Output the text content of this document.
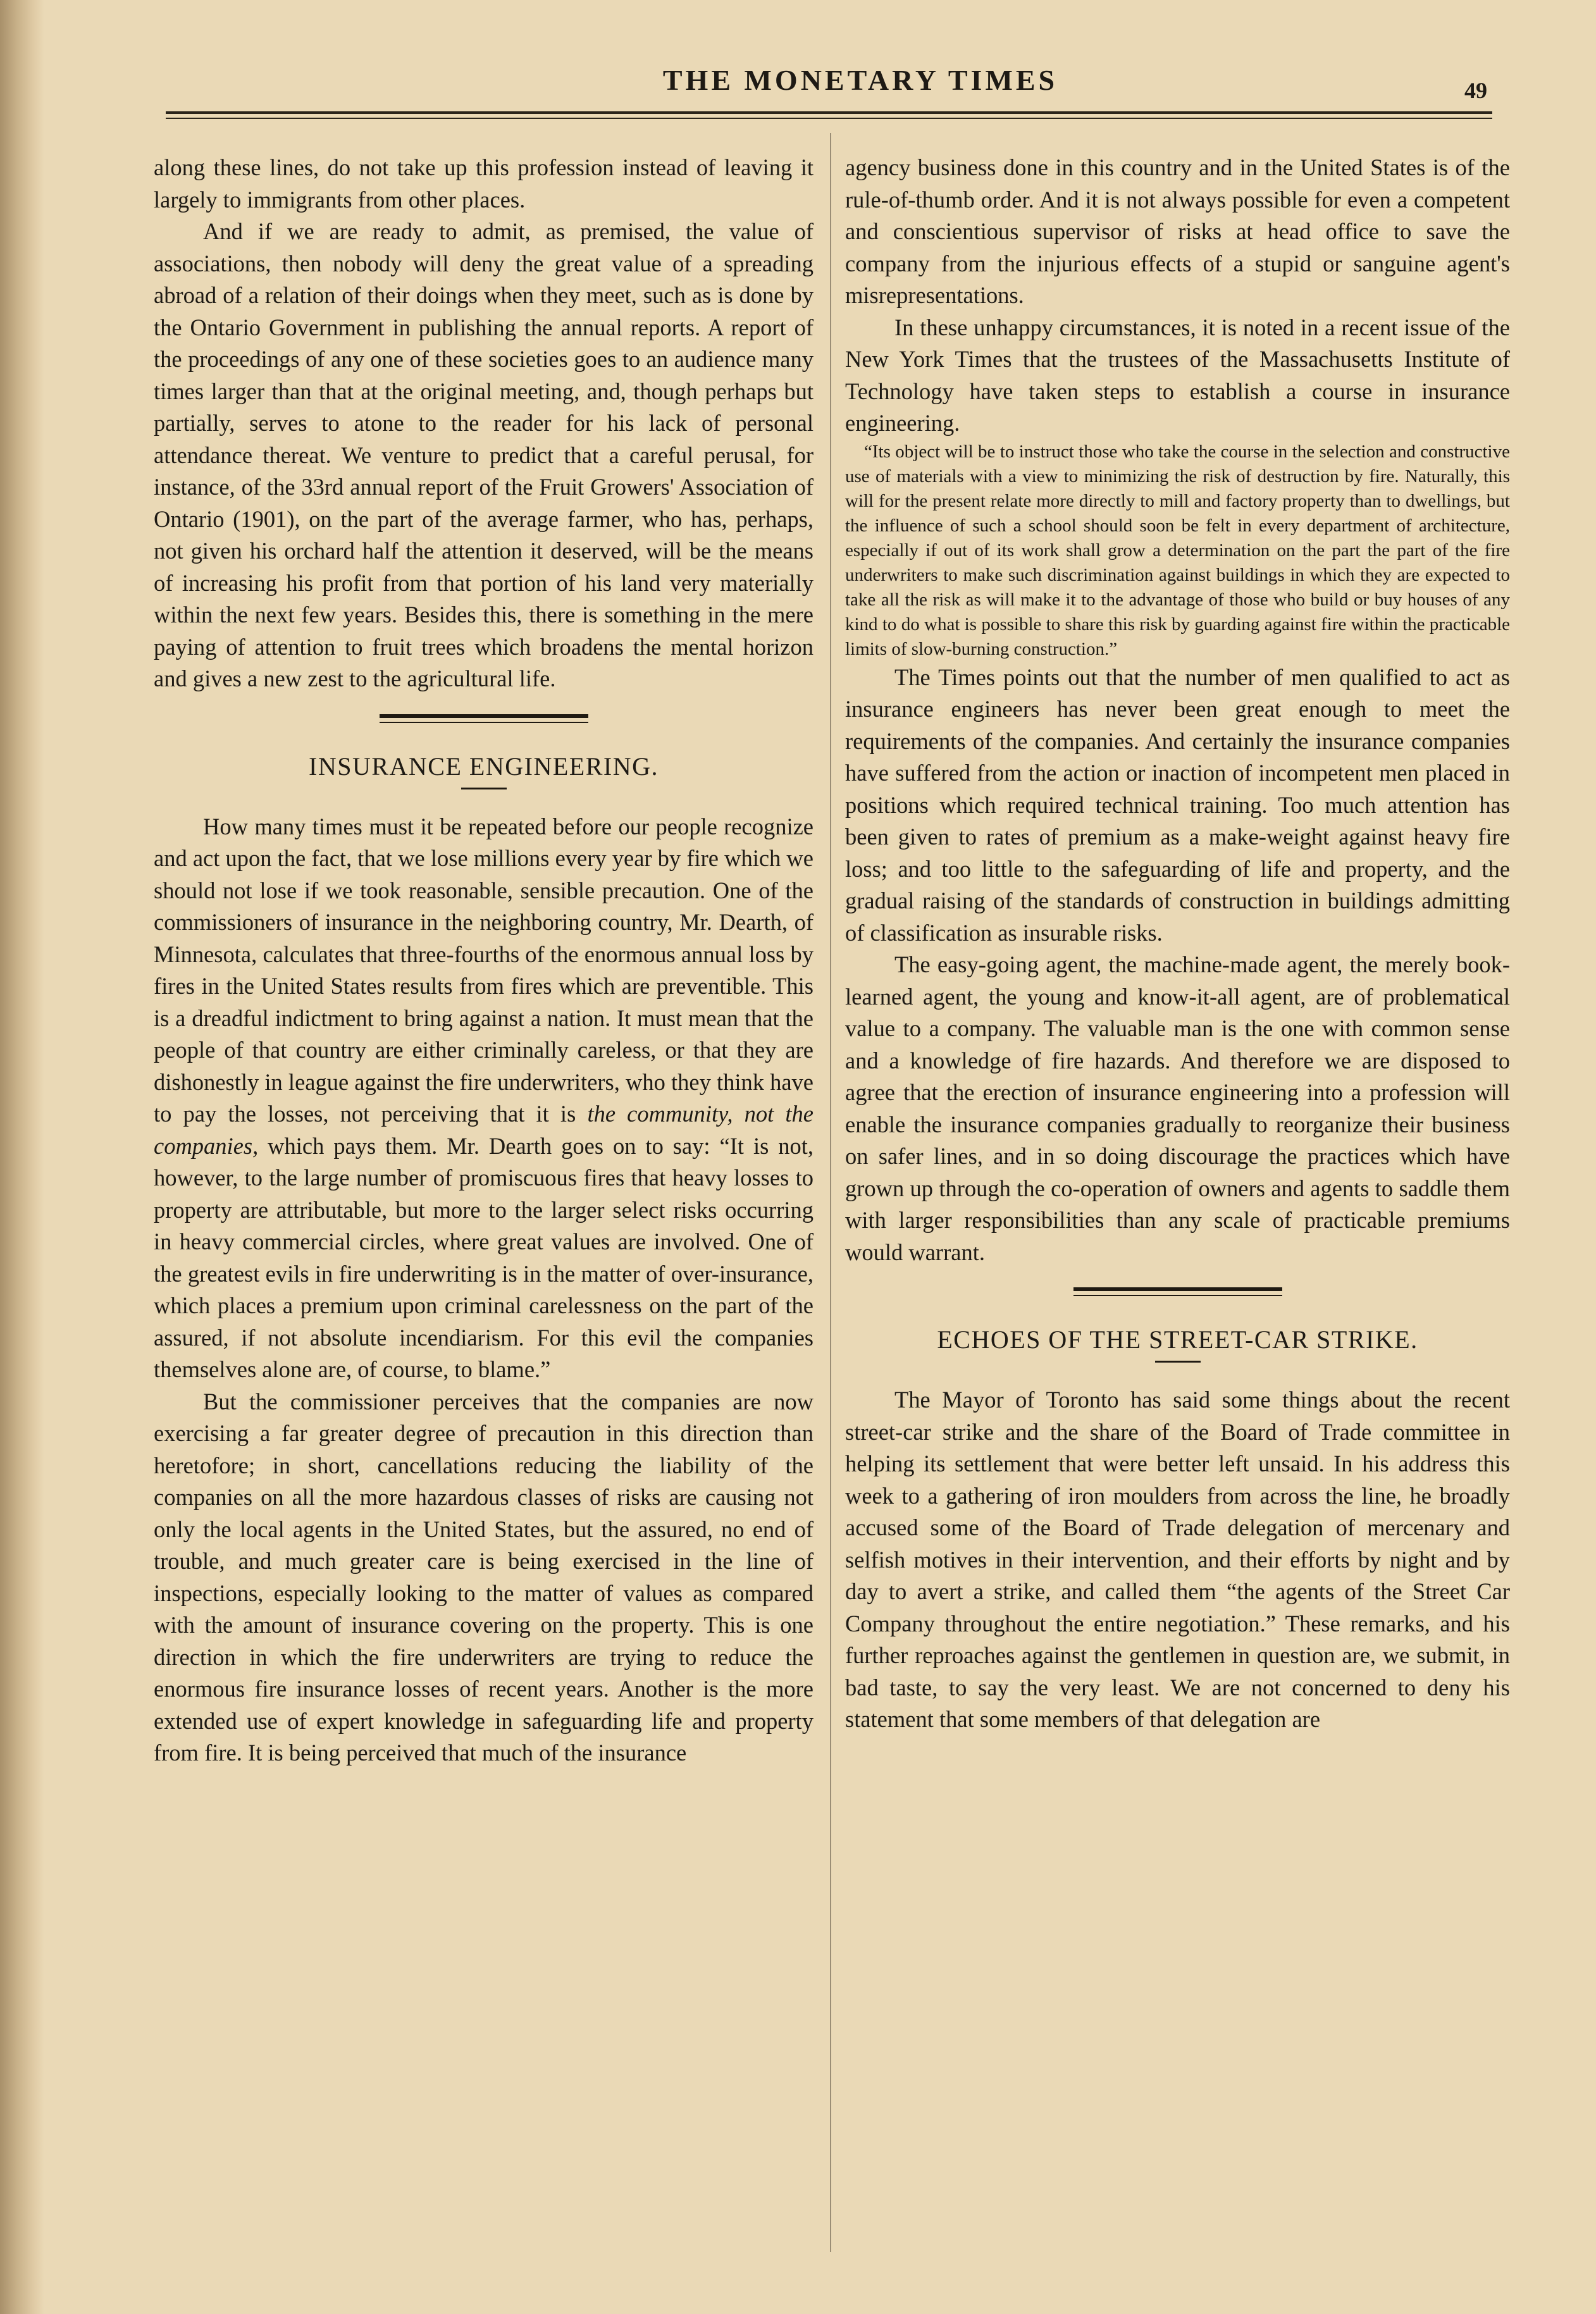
THE MONETARY TIMES	49

along these lines, do not take up this profession instead of leaving it largely to immigrants from other places.

And if we are ready to admit, as premised, the value of associations, then nobody will deny the great value of a spreading abroad of a relation of their doings when they meet, such as is done by the Ontario Government in publishing the annual reports. A report of the proceedings of any one of these societies goes to an audience many times larger than that at the original meeting, and, though perhaps but partially, serves to atone to the reader for his lack of personal attendance thereat. We venture to predict that a careful perusal, for instance, of the 33rd annual report of the Fruit Growers' Association of Ontario (1901), on the part of the average farmer, who has, perhaps, not given his orchard half the attention it deserved, will be the means of increasing his profit from that portion of his land very materially within the next few years. Besides this, there is something in the mere paying of attention to fruit trees which broadens the mental horizon and gives a new zest to the agricultural life.

INSURANCE ENGINEERING.

How many times must it be repeated before our people recognize and act upon the fact, that we lose millions every year by fire which we should not lose if we took reasonable, sensible precaution. One of the commissioners of insurance in the neighboring country, Mr. Dearth, of Minnesota, calculates that three-fourths of the enormous annual loss by fires in the United States results from fires which are preventible. This is a dreadful indictment to bring against a nation. It must mean that the people of that country are either criminally careless, or that they are dishonestly in league against the fire underwriters, who they think have to pay the losses, not perceiving that it is the community, not the companies, which pays them. Mr. Dearth goes on to say: “It is not, however, to the large number of promiscuous fires that heavy losses to property are attributable, but more to the larger select risks occurring in heavy commercial circles, where great values are involved. One of the greatest evils in fire underwriting is in the matter of over-insurance, which places a premium upon criminal carelessness on the part of the assured, if not absolute incendiarism. For this evil the companies themselves alone are, of course, to blame.”

But the commissioner perceives that the companies are now exercising a far greater degree of precaution in this direction than heretofore; in short, cancellations reducing the liability of the companies on all the more hazardous classes of risks are causing not only the local agents in the United States, but the assured, no end of trouble, and much greater care is being exercised in the line of inspections, especially looking to the matter of values as compared with the amount of insurance covering on the property. This is one direction in which the fire underwriters are trying to reduce the enormous fire insurance losses of recent years. Another is the more extended use of expert knowledge in safeguarding life and property from fire. It is being perceived that much of the insurance

agency business done in this country and in the United States is of the rule-of-thumb order. And it is not always possible for even a competent and conscientious supervisor of risks at head office to save the company from the injurious effects of a stupid or sanguine agent's misrepresentations.

In these unhappy circumstances, it is noted in a recent issue of the New York Times that the trustees of the Massachusetts Institute of Technology have taken steps to establish a course in insurance engineering.

“Its object will be to instruct those who take the course in the selection and constructive use of materials with a view to minimizing the risk of destruction by fire. Naturally, this will for the present relate more directly to mill and factory property than to dwellings, but the influence of such a school should soon be felt in every department of architecture, especially if out of its work shall grow a determination on the part the part of the fire underwriters to make such discrimination against buildings in which they are expected to take all the risk as will make it to the advantage of those who build or buy houses of any kind to do what is possible to share this risk by guarding against fire within the practicable limits of slow-burning construction.”

The Times points out that the number of men qualified to act as insurance engineers has never been great enough to meet the requirements of the companies. And certainly the insurance companies have suffered from the action or inaction of incompetent men placed in positions which required technical training. Too much attention has been given to rates of premium as a make-weight against heavy fire loss; and too little to the safeguarding of life and property, and the gradual raising of the standards of construction in buildings admitting of classification as insurable risks.

The easy-going agent, the machine-made agent, the merely book-learned agent, the young and know-it-all agent, are of problematical value to a company. The valuable man is the one with common sense and a knowledge of fire hazards. And therefore we are disposed to agree that the erection of insurance engineering into a profession will enable the insurance companies gradually to reorganize their business on safer lines, and in so doing discourage the practices which have grown up through the co-operation of owners and agents to saddle them with larger responsibilities than any scale of practicable premiums would warrant.

ECHOES OF THE STREET-CAR STRIKE.

The Mayor of Toronto has said some things about the recent street-car strike and the share of the Board of Trade committee in helping its settlement that were better left unsaid. In his address this week to a gathering of iron moulders from across the line, he broadly accused some of the Board of Trade delegation of mercenary and selfish motives in their intervention, and their efforts by night and by day to avert a strike, and called them “the agents of the Street Car Company throughout the entire negotiation.” These remarks, and his further reproaches against the gentlemen in question are, we submit, in bad taste, to say the very least. We are not concerned to deny his statement that some members of that delegation are
